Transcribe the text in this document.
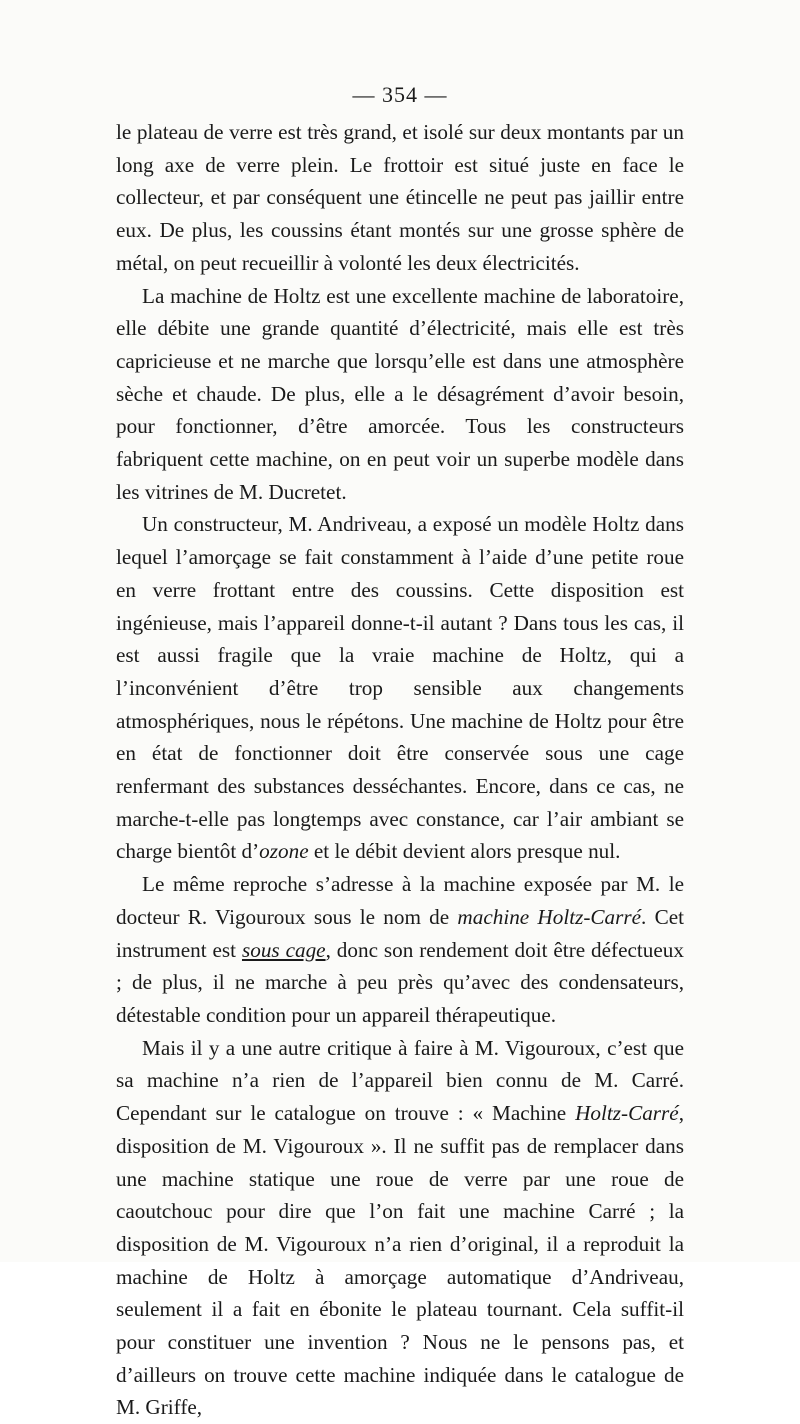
— 354 —

le plateau de verre est très grand, et isolé sur deux montants par un long axe de verre plein. Le frottoir est situé juste en face le collecteur, et par conséquent une étincelle ne peut pas jaillir entre eux. De plus, les coussins étant montés sur une grosse sphère de métal, on peut recueillir à volonté les deux électricités.

La machine de Holtz est une excellente machine de laboratoire, elle débite une grande quantité d’électricité, mais elle est très capricieuse et ne marche que lorsqu’elle est dans une atmosphère sèche et chaude. De plus, elle a le désagrément d’avoir besoin, pour fonctionner, d’être amorcée. Tous les constructeurs fabriquent cette machine, on en peut voir un superbe modèle dans les vitrines de M. Ducretet.

Un constructeur, M. Andriveau, a exposé un modèle Holtz dans lequel l’amorçage se fait constamment à l’aide d’une petite roue en verre frottant entre des coussins. Cette disposition est ingénieuse, mais l’appareil donne-t-il autant ? Dans tous les cas, il est aussi fragile que la vraie machine de Holtz, qui a l’inconvénient d’être trop sensible aux changements atmosphériques, nous le répétons. Une machine de Holtz pour être en état de fonctionner doit être conservée sous une cage renfermant des substances desséchantes. Encore, dans ce cas, ne marche-t-elle pas longtemps avec constance, car l’air ambiant se charge bientôt d’ozone et le débit devient alors presque nul.

Le même reproche s’adresse à la machine exposée par M. le docteur R. Vigouroux sous le nom de machine Holtz-Carré. Cet instrument est sous cage, donc son rendement doit être défectueux ; de plus, il ne marche à peu près qu’avec des condensateurs, détestable condition pour un appareil thérapeutique.

Mais il y a une autre critique à faire à M. Vigouroux, c’est que sa machine n’a rien de l’appareil bien connu de M. Carré. Cependant sur le catalogue on trouve : « Machine Holtz-Carré, disposition de M. Vigouroux ». Il ne suffit pas de remplacer dans une machine statique une roue de verre par une roue de caoutchouc pour dire que l’on fait une machine Carré ; la disposition de M. Vigouroux n’a rien d’original, il a reproduit la machine de Holtz à amorçage automatique d’Andriveau, seulement il a fait en ébonite le plateau tournant. Cela suffit-il pour constituer une invention ? Nous ne le pensons pas, et d’ailleurs on trouve cette machine indiquée dans le catalogue de M. Griffe,
